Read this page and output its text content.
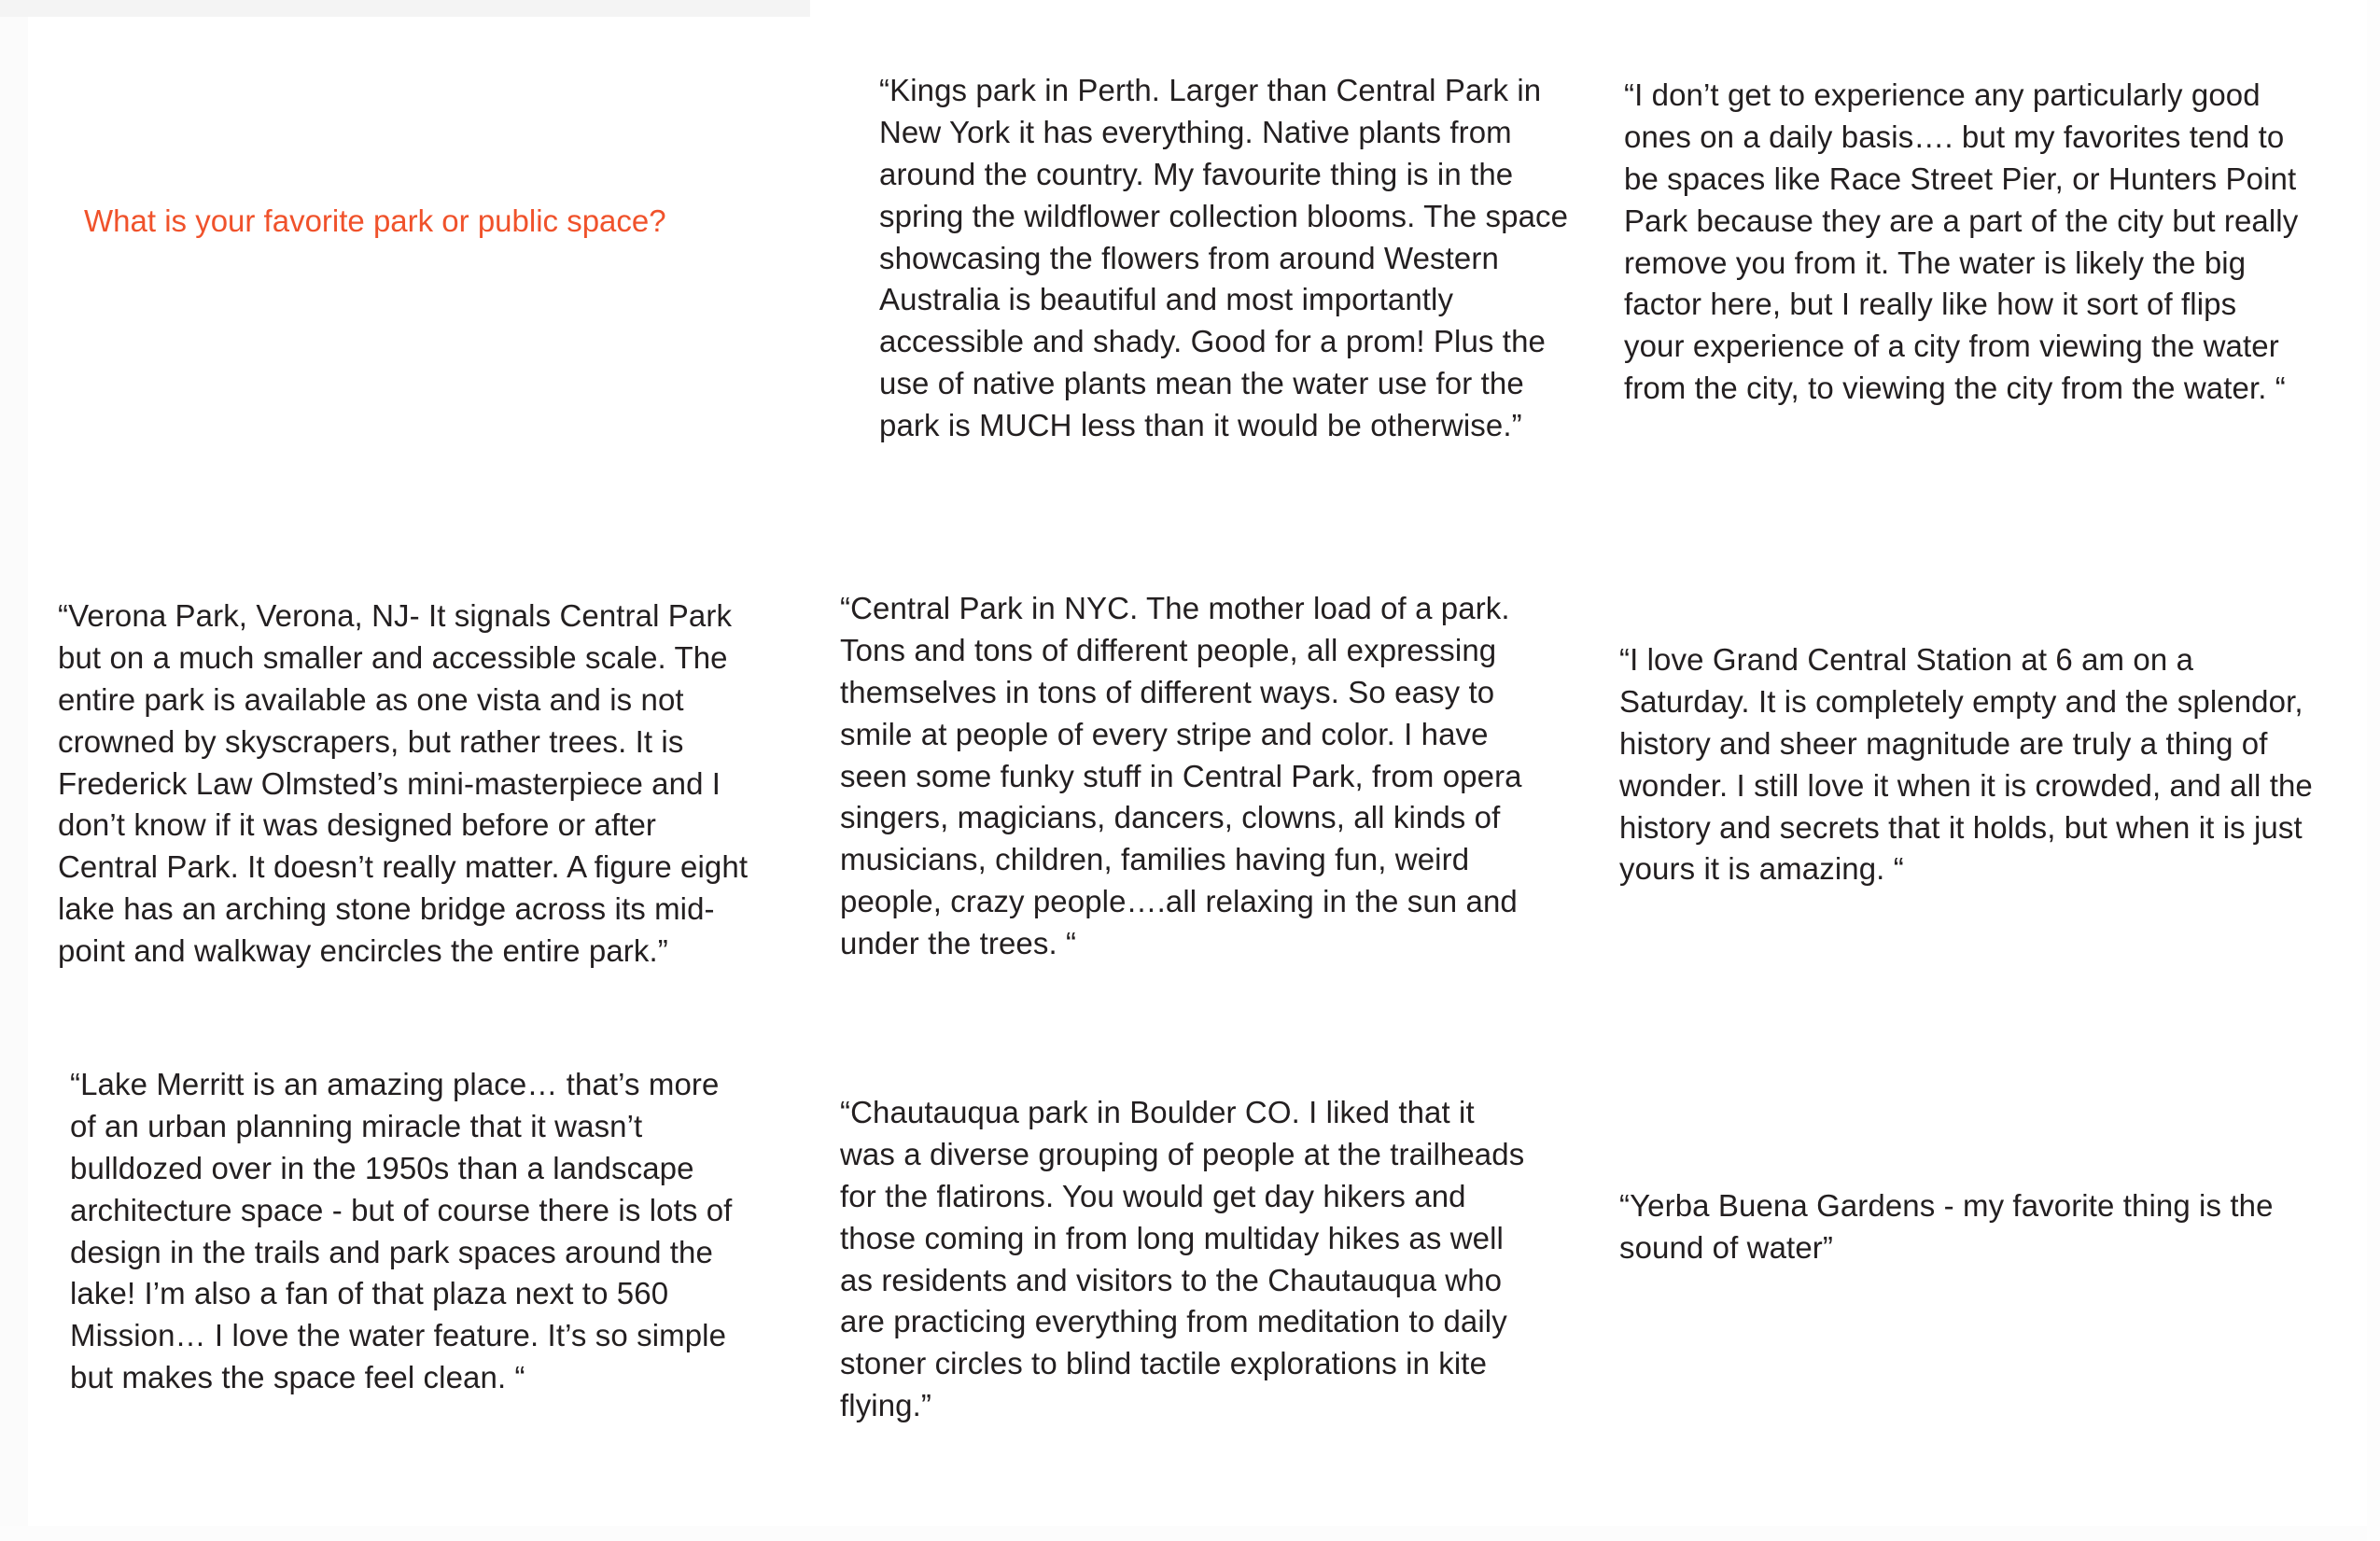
What is your favorite park or public space?
“Kings park in Perth. Larger than Central Park in New York it has everything. Native plants from around the country. My favourite thing is in the spring the wildflower collection blooms. The space showcasing the flowers from around Western Australia is beautiful and most importantly accessible and shady. Good for a prom! Plus the use of native plants mean the water use for the park is MUCH less than it would be otherwise.”
“I don’t get to experience any particularly good ones on a daily basis…. but my favorites tend to be spaces like Race Street Pier, or Hunters Point Park because they are a part of the city but really remove you from it. The water is likely the big factor here, but I really like how it sort of flips your experience of a city from viewing the water from the city, to viewing the city from the water. “
“Verona Park, Verona, NJ- It signals Central Park but on a much smaller and accessible scale. The entire park is available as one vista and is not crowned by skyscrapers, but rather trees. It is Frederick Law Olmsted’s mini-masterpiece and I don’t know if it was designed before or after Central Park. It doesn’t really matter. A figure eight lake has an arching stone bridge across its mid-point and walkway encircles the entire park.”
“Central Park in NYC. The mother load of a park. Tons and tons of different people, all expressing themselves in tons of different ways. So easy to smile at people of every stripe and color. I have seen some funky stuff in Central Park, from opera singers, magicians, dancers, clowns, all kinds of musicians, children, families having fun, weird people, crazy people….all relaxing in the sun and under the trees. “
“I love Grand Central Station at 6 am on a Saturday. It is completely empty and the splendor, history and sheer magnitude are truly a thing of wonder. I still love it when it is crowded, and all the history and secrets that it holds, but when it is just yours it is amazing. “
“Lake Merritt is an amazing place… that’s more of an urban planning miracle that it wasn’t bulldozed over in the 1950s than a landscape architecture space - but of course there is lots of design in the trails and park spaces around the lake! I’m also a fan of that plaza next to 560 Mission… I love the water feature. It’s so simple but makes the space feel clean. “
“Chautauqua park in Boulder CO. I liked that it was a diverse grouping of people at the trailheads for the flatirons. You would get day hikers and those coming in from long multiday hikes as well as residents and visitors to the Chautauqua who are practicing everything from meditation to daily stoner circles to blind tactile explorations in kite flying.”
“Yerba Buena Gardens - my favorite thing is the sound of water”
